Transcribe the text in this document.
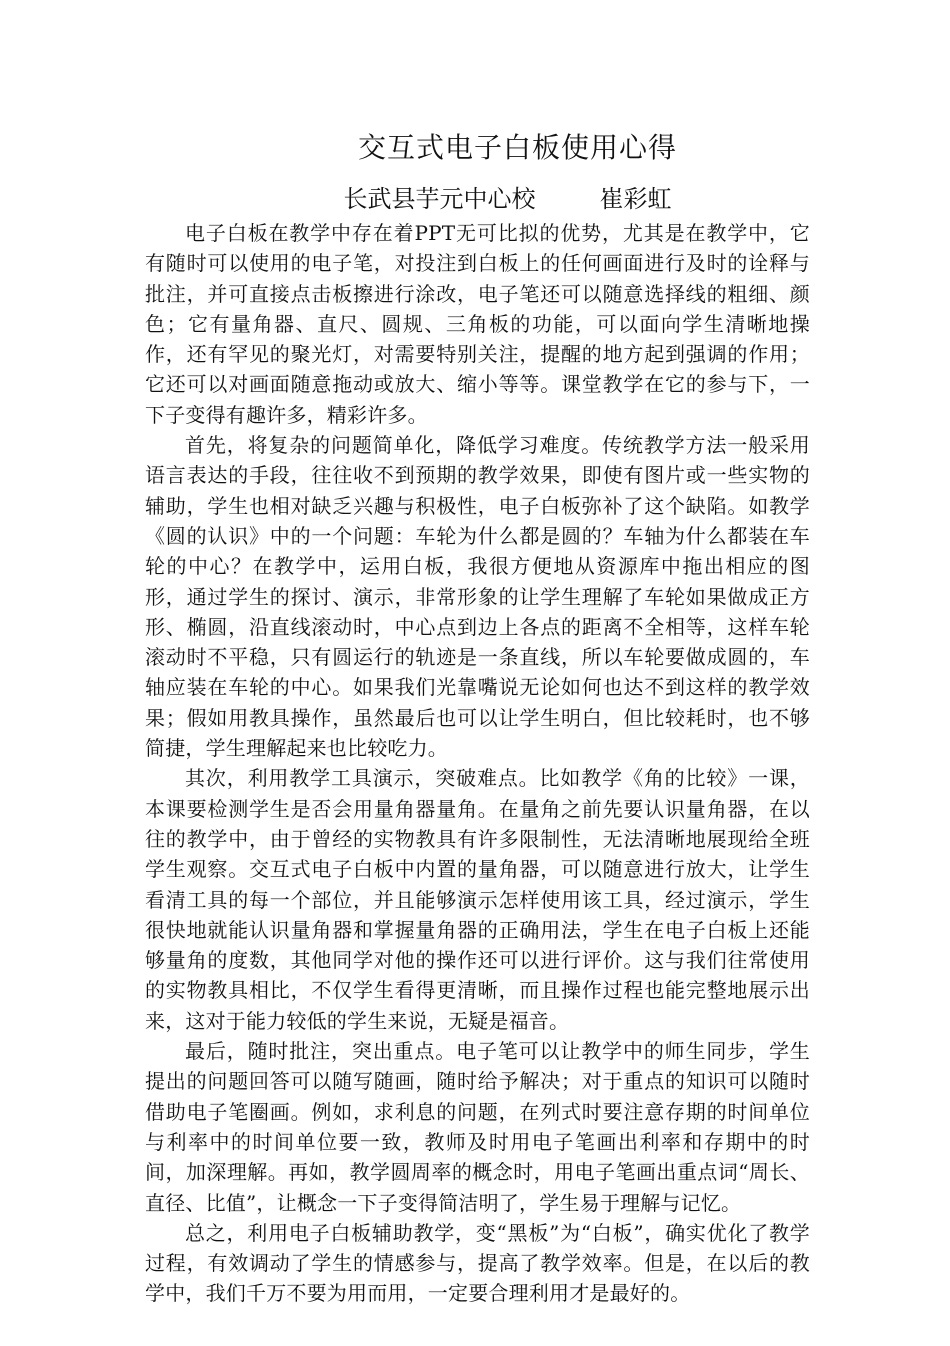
交互式电子白板使用心得
长武县芋元中心校	崔彩虹

电子白板在教学中存在着PPT无可比拟的优势，尤其是在教学中，它有随时可以使用的电子笔，对投注到白板上的任何画面进行及时的诠释与批注，并可直接点击板擦进行涂改，电子笔还可以随意选择线的粗细、颜色；它有量角器、直尺、圆规、三角板的功能，可以面向学生清晰地操作，还有罕见的聚光灯，对需要特别关注，提醒的地方起到强调的作用；它还可以对画面随意拖动或放大、缩小等等。课堂教学在它的参与下，一下子变得有趣许多，精彩许多。

首先，将复杂的问题简单化，降低学习难度。传统教学方法一般采用语言表达的手段，往往收不到预期的教学效果，即使有图片或一些实物的辅助，学生也相对缺乏兴趣与积极性，电子白板弥补了这个缺陷。如教学《圆的认识》中的一个问题：车轮为什么都是圆的？车轴为什么都装在车轮的中心？在教学中，运用白板，我很方便地从资源库中拖出相应的图形，通过学生的探讨、演示，非常形象的让学生理解了车轮如果做成正方形、椭圆，沿直线滚动时，中心点到边上各点的距离不全相等，这样车轮滚动时不平稳，只有圆运行的轨迹是一条直线，所以车轮要做成圆的，车轴应装在车轮的中心。如果我们光靠嘴说无论如何也达不到这样的教学效果；假如用教具操作，虽然最后也可以让学生明白，但比较耗时，也不够简捷，学生理解起来也比较吃力。

其次，利用教学工具演示，突破难点。比如教学《角的比较》一课，本课要检测学生是否会用量角器量角。在量角之前先要认识量角器，在以往的教学中，由于曾经的实物教具有许多限制性，无法清晰地展现给全班学生观察。交互式电子白板中内置的量角器，可以随意进行放大，让学生看清工具的每一个部位，并且能够演示怎样使用该工具，经过演示，学生很快地就能认识量角器和掌握量角器的正确用法，学生在电子白板上还能够量角的度数，其他同学对他的操作还可以进行评价。这与我们往常使用的实物教具相比，不仅学生看得更清晰，而且操作过程也能完整地展示出来，这对于能力较低的学生来说，无疑是福音。

最后，随时批注，突出重点。电子笔可以让教学中的师生同步，学生提出的问题回答可以随写随画，随时给予解决；对于重点的知识可以随时借助电子笔圈画。例如，求利息的问题，在列式时要注意存期的时间单位与利率中的时间单位要一致，教师及时用电子笔画出利率和存期中的时间，加深理解。再如，教学圆周率的概念时，用电子笔画出重点词“周长、直径、比值”，让概念一下子变得简洁明了，学生易于理解与记忆。

总之，利用电子白板辅助教学，变“黑板”为“白板”，确实优化了教学过程，有效调动了学生的情感参与，提高了教学效率。但是，在以后的教学中，我们千万不要为用而用，一定要合理利用才是最好的。
